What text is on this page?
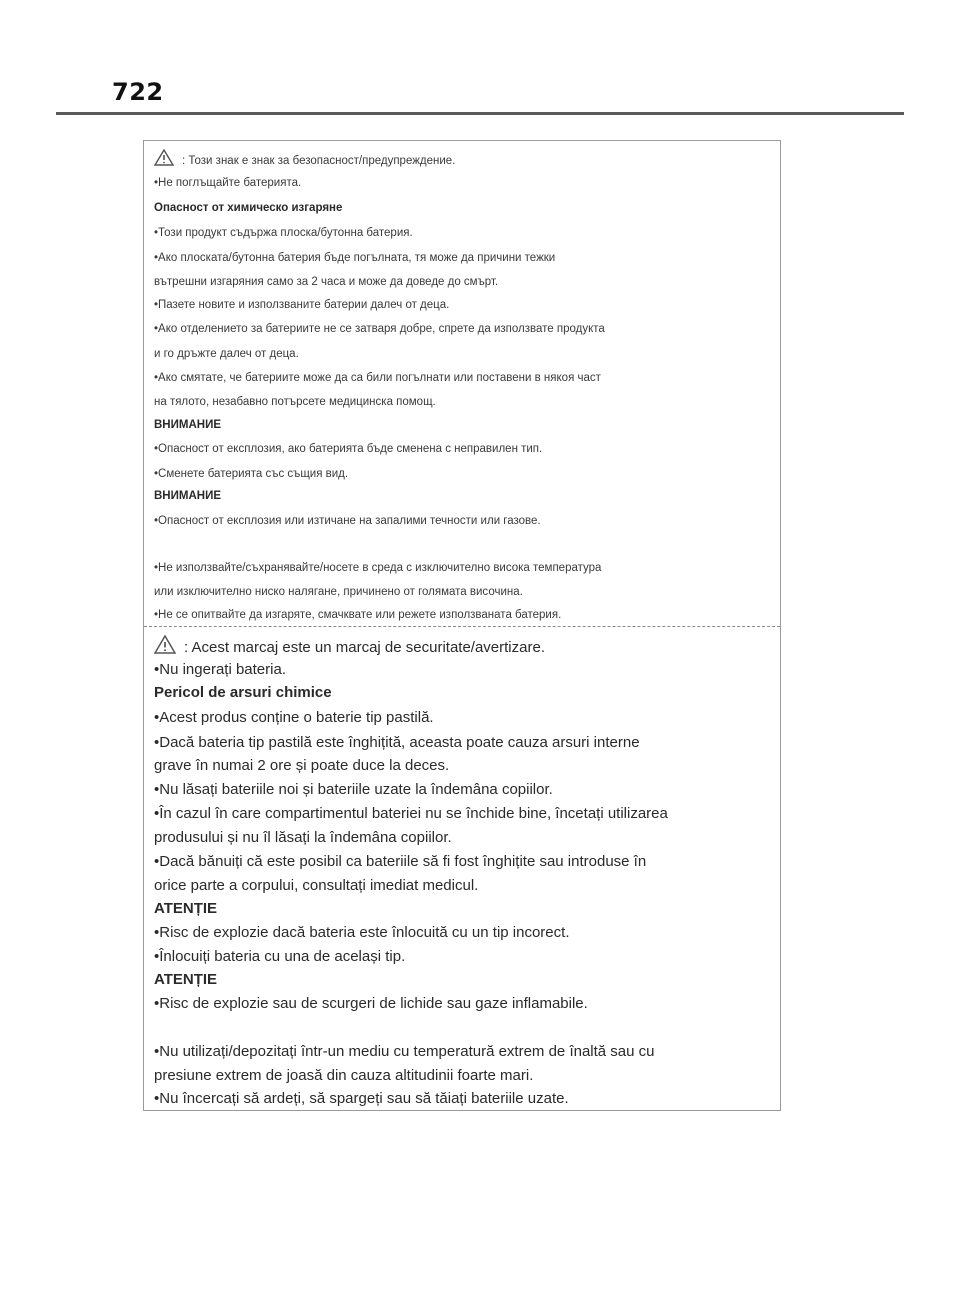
722
: Този знак е знак за безопасност/предупреждение.
•Не поглъщайте батерията.
Опасност от химическо изгаряне
•Този продукт съдържа плоска/бутонна батерия.
•Ако плоската/бутонна батерия бъде погълната, тя може да причини тежки
вътрешни изгаряния само за 2 часа и може да доведе до смърт.
•Пазете новите и използваните батерии далеч от деца.
•Ако отделението за батериите не се затваря добре, спрете да използвате продукта
и го дръжте далеч от деца.
•Ако смятате, че батериите може да са били погълнати или поставени в някоя част
на тялото, незабавно потърсете медицинска помощ.
ВНИМАНИЕ
•Опасност от експлозия, ако батерията бъде сменена с неправилен тип.
•Сменете батерията със същия вид.
ВНИМАНИЕ
•Опасност от експлозия или изтичане на запалими течности или газове.
•Не използвайте/съхранявайте/носете в среда с изключително висока температура
или изключително ниско налягане, причинено от голямата височина.
•Не се опитвайте да изгаряте, смачквате или режете използваната батерия.
: Acest marcaj este un marcaj de securitate/avertizare.
•Nu ingerați bateria.
Pericol de arsuri chimice
•Acest produs conține o baterie tip pastilă.
•Dacă bateria tip pastilă este înghițită, aceasta poate cauza arsuri interne
grave în numai 2 ore și poate duce la deces.
•Nu lăsați bateriile noi și bateriile uzate la îndemâna copiilor.
•În cazul în care compartimentul bateriei nu se închide bine, încetați utilizarea
produsului și nu îl lăsați la îndemâna copiilor.
•Dacă bănuiți că este posibil ca bateriile să fi fost înghițite sau introduse în
orice parte a corpului, consultați imediat medicul.
ATENȚIE
•Risc de explozie dacă bateria este înlocuită cu un tip incorect.
•Înlocuiți bateria cu una de același tip.
ATENȚIE
•Risc de explozie sau de scurgeri de lichide sau gaze inflamabile.
•Nu utilizați/depozitați într-un mediu cu temperatură extrem de înaltă sau cu
presiune extrem de joasă din cauza altitudinii foarte mari.
•Nu încercați să ardeți, să spargeți sau să tăiați bateriile uzate.
